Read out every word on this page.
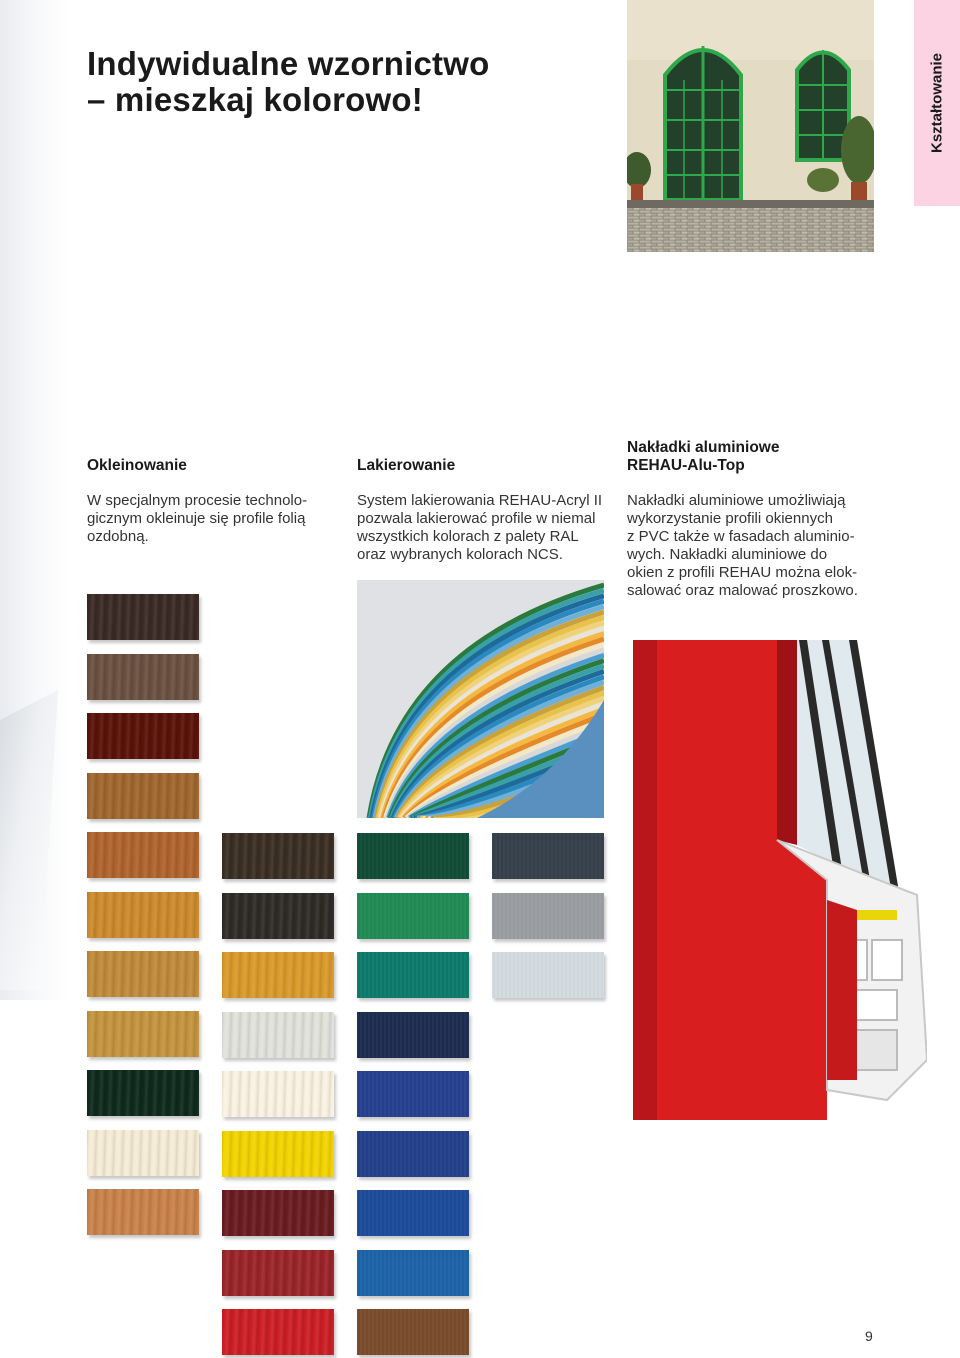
Indywidualne wzornictwo
– mieszkaj kolorowo!	Kształtowanie
Okleinowanie
W specjalnym procesie technolo-
gicznym okleinuje się profile folią
ozdobną.
Lakierowanie
System lakierowania REHAU-Acryl II
pozwala lakierować profile w niemal
wszystkich kolorach z palety RAL
oraz wybranych kolorach NCS.
Nakładki aluminiowe
REHAU-Alu-Top
Nakładki aluminiowe umożliwiają
wykorzystanie profili okiennych
z PVC także w fasadach aluminio-
wych. Nakładki aluminiowe do
okien z profili REHAU można elok-
salować oraz malować proszkowo.
9
